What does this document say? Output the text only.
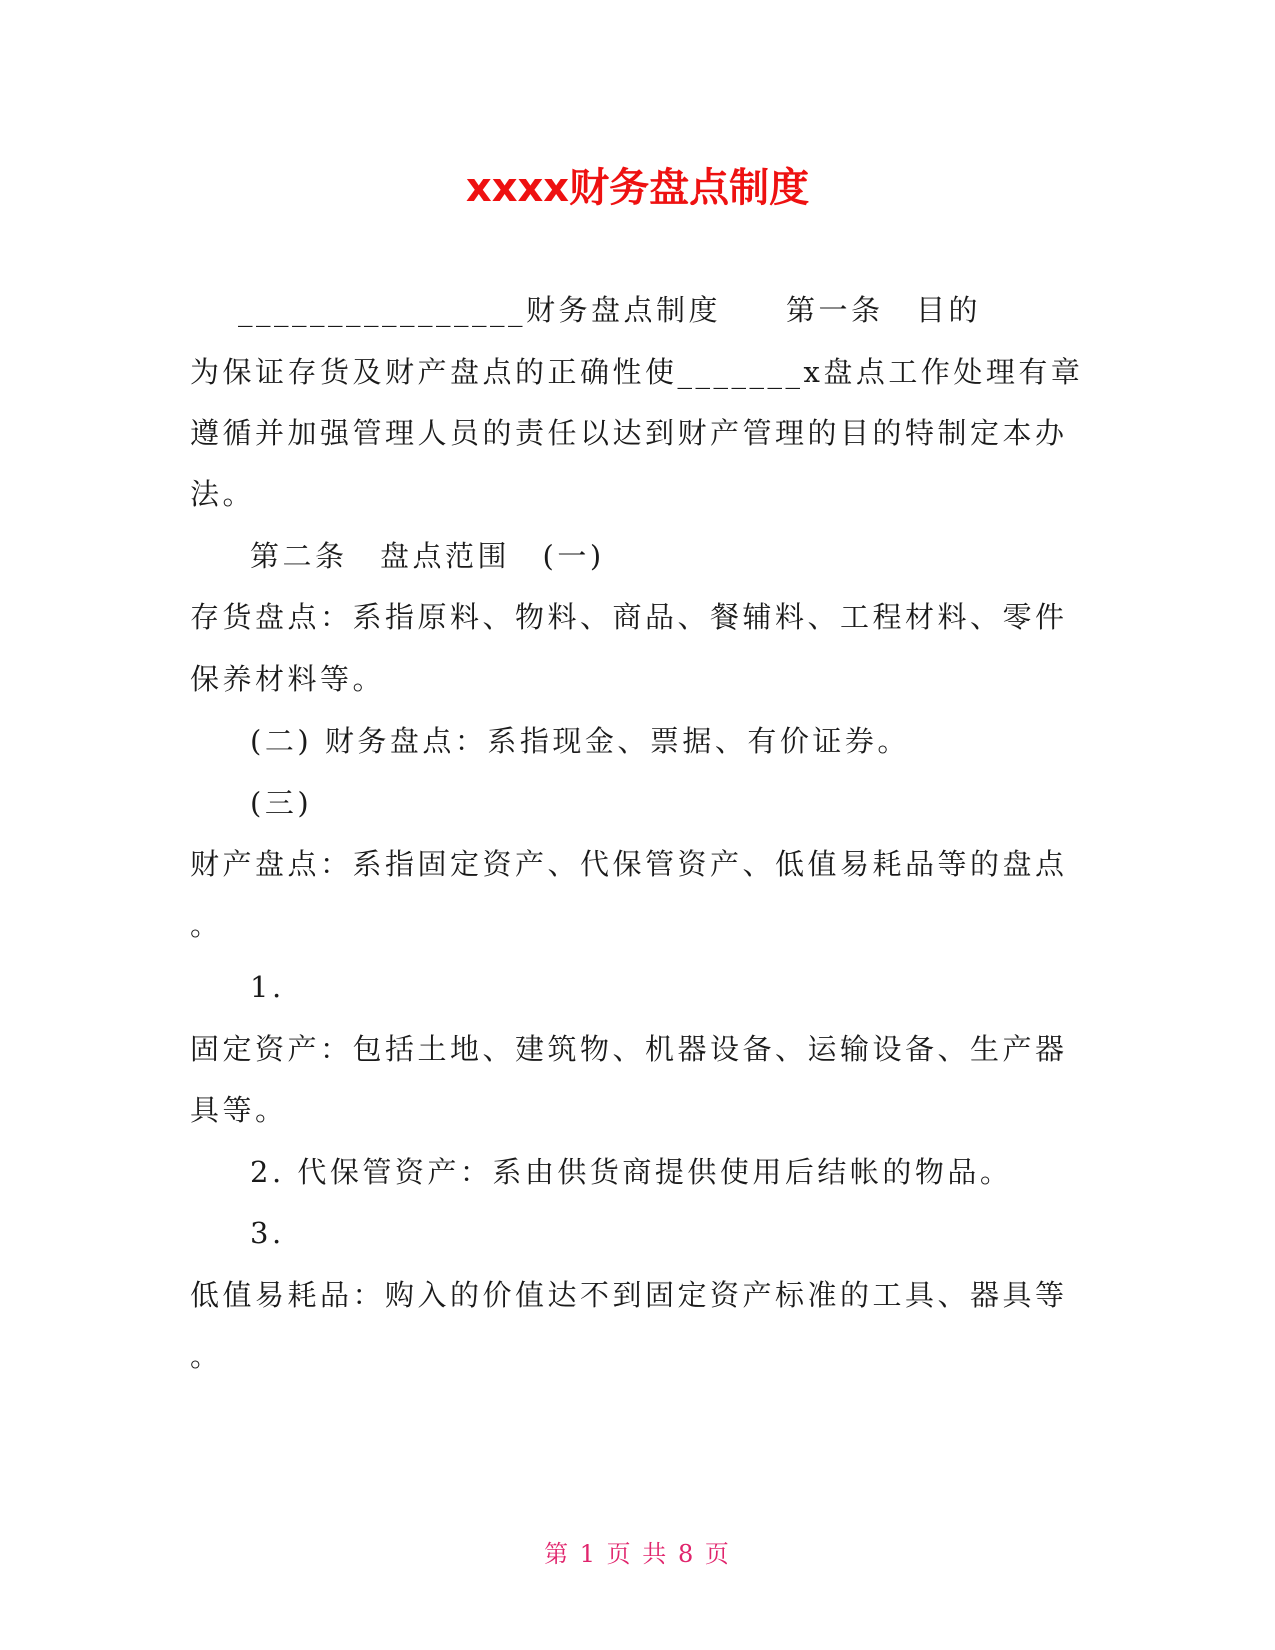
xxxx财务盘点制度

________________财务盘点制度　　第一条　目的

为保证存货及财产盘点的正确性使_______x盘点工作处理有章

遵循并加强管理人员的责任以达到财产管理的目的特制定本办

法。

第二条　盘点范围　(一)

存货盘点：系指原料、物料、商品、餐辅料、工程材料、零件

保养材料等。

(二) 财务盘点：系指现金、票据、有价证券。

(三)

财产盘点：系指固定资产、代保管资产、低值易耗品等的盘点

。

1.

固定资产：包括土地、建筑物、机器设备、运输设备、生产器

具等。

2. 代保管资产：系由供货商提供使用后结帐的物品。

3.

低值易耗品：购入的价值达不到固定资产标准的工具、器具等

。

第 1 页 共 8 页
